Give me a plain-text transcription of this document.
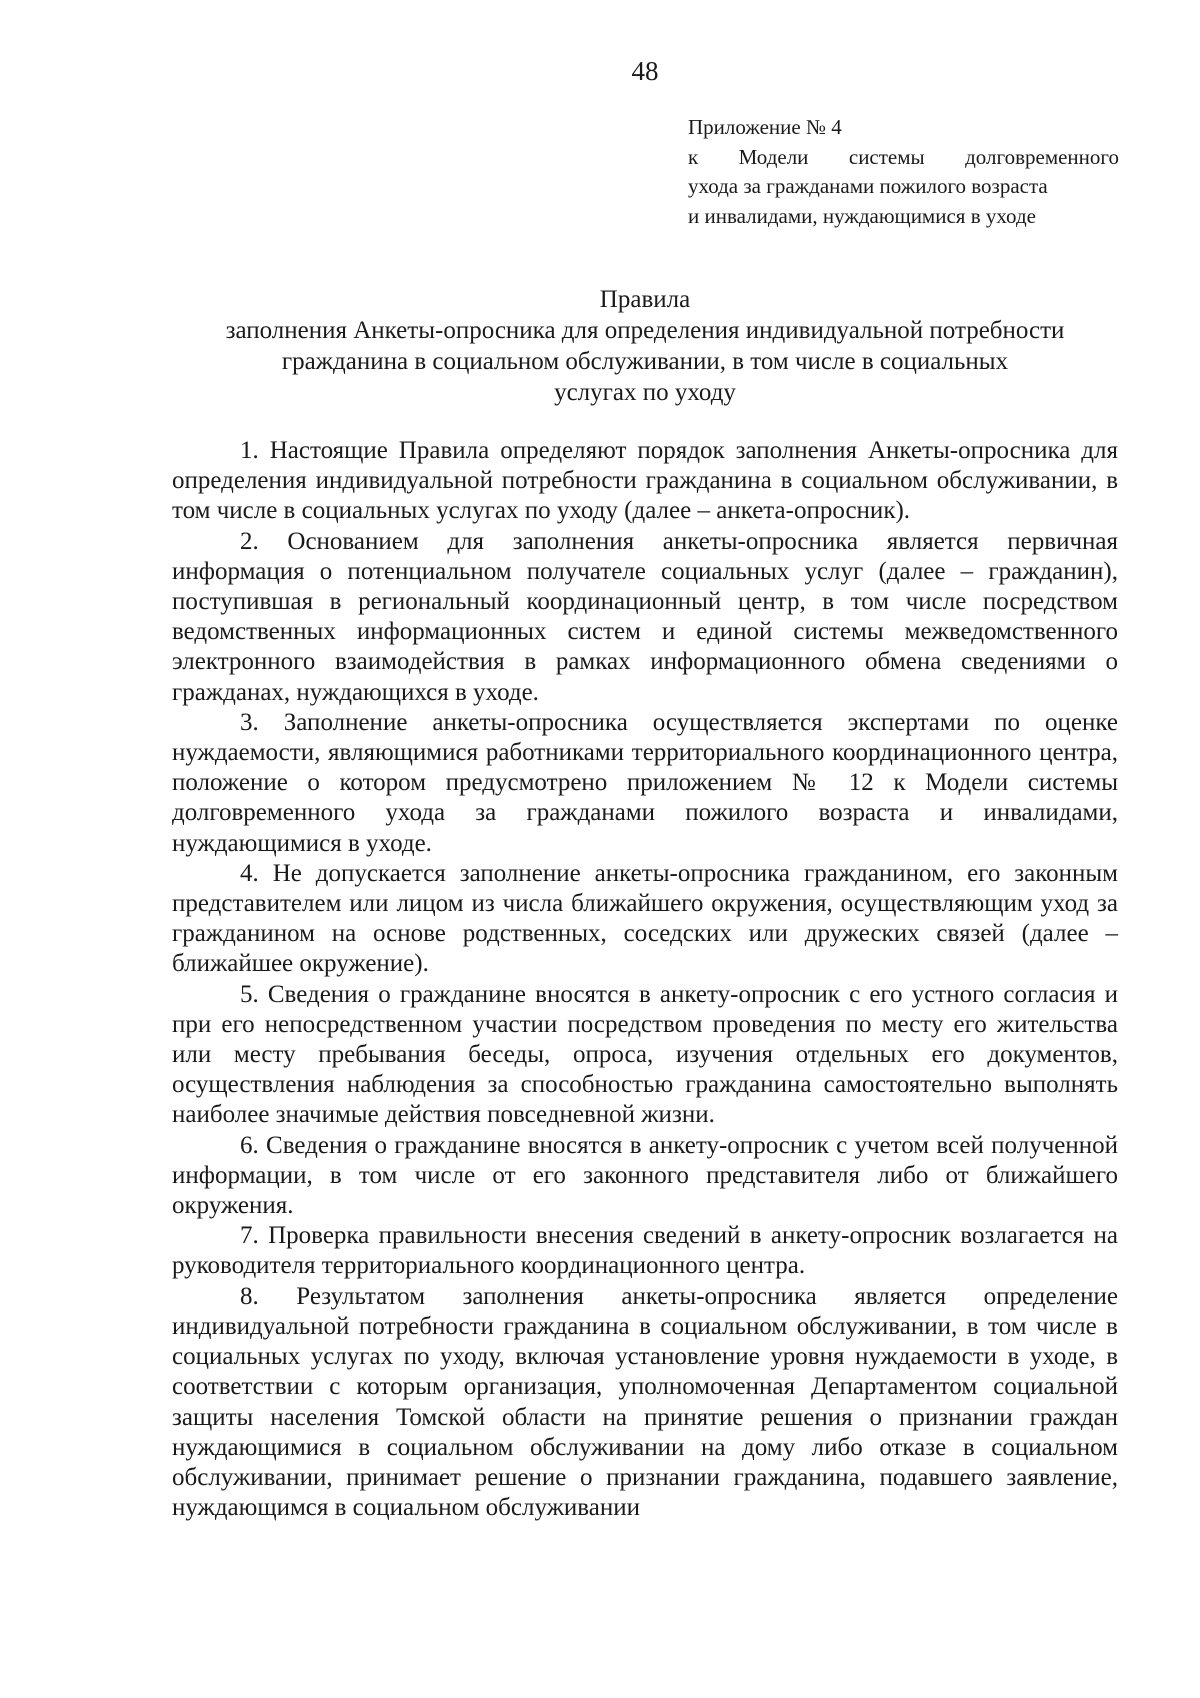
48
Приложение № 4
к Модели системы долговременного
ухода за гражданами пожилого возраста
и инвалидами, нуждающимися в уходе
Правила
заполнения Анкеты-опросника для определения индивидуальной потребности
гражданина в социальном обслуживании, в том числе в социальных
услугах по уходу

1. Настоящие Правила определяют порядок заполнения Анкеты-опросника для определения индивидуальной потребности гражданина в социальном обслуживании, в том числе в социальных услугах по уходу (далее – анкета-опросник).

2. Основанием для заполнения анкеты-опросника является первичная информация о потенциальном получателе социальных услуг (далее – гражданин), поступившая в региональный координационный центр, в том числе посредством ведомственных информационных систем и единой системы межведомственного электронного взаимодействия в рамках информационного обмена сведениями о гражданах, нуждающихся в уходе.

3. Заполнение анкеты-опросника осуществляется экспертами по оценке нуждаемости, являющимися работниками территориального координационного центра, положение о котором предусмотрено приложением № 12 к Модели системы долговременного ухода за гражданами пожилого возраста и инвалидами, нуждающимися в уходе.

4. Не допускается заполнение анкеты-опросника гражданином, его законным представителем или лицом из числа ближайшего окружения, осуществляющим уход за гражданином на основе родственных, соседских или дружеских связей (далее – ближайшее окружение).

5. Сведения о гражданине вносятся в анкету-опросник с его устного согласия и при его непосредственном участии посредством проведения по месту его жительства или месту пребывания беседы, опроса, изучения отдельных его документов, осуществления наблюдения за способностью гражданина самостоятельно выполнять наиболее значимые действия повседневной жизни.

6. Сведения о гражданине вносятся в анкету-опросник с учетом всей полученной информации, в том числе от его законного представителя либо от ближайшего окружения.

7. Проверка правильности внесения сведений в анкету-опросник возлагается на руководителя территориального координационного центра.

8. Результатом заполнения анкеты-опросника является определение индивидуальной потребности гражданина в социальном обслуживании, в том числе в социальных услугах по уходу, включая установление уровня нуждаемости в уходе, в соответствии с которым организация, уполномоченная Департаментом социальной защиты населения Томской области на принятие решения о признании граждан нуждающимися в социальном обслуживании на дому либо отказе в социальном обслуживании, принимает решение о признании гражданина, подавшего заявление, нуждающимся в социальном обслуживании
